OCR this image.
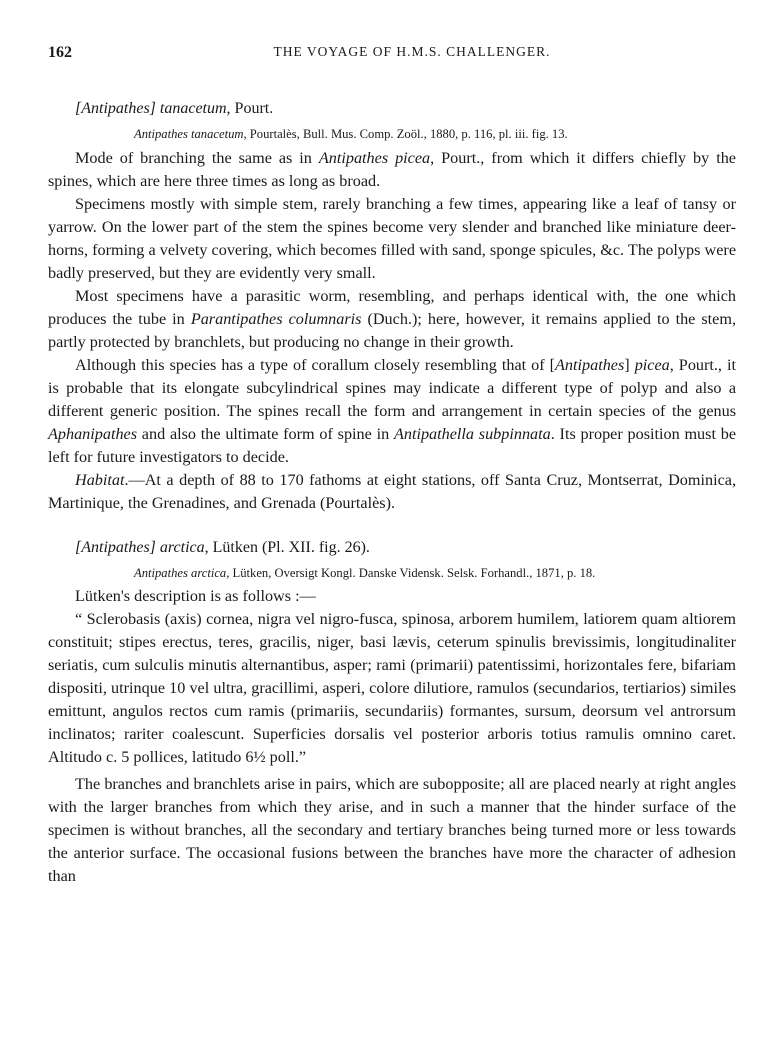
162	THE VOYAGE OF H.M.S. CHALLENGER.
[Antipathes] tanacetum, Pourt.
Antipathes tanacetum, Pourtalès, Bull. Mus. Comp. Zoöl., 1880, p. 116, pl. iii. fig. 13.

Mode of branching the same as in Antipathes picea, Pourt., from which it differs chiefly by the spines, which are here three times as long as broad.

Specimens mostly with simple stem, rarely branching a few times, appearing like a leaf of tansy or yarrow. On the lower part of the stem the spines become very slender and branched like miniature deer-horns, forming a velvety covering, which becomes filled with sand, sponge spicules, &c. The polyps were badly preserved, but they are evidently very small.

Most specimens have a parasitic worm, resembling, and perhaps identical with, the one which produces the tube in Parantipathes columnaris (Duch.); here, however, it remains applied to the stem, partly protected by branchlets, but producing no change in their growth.

Although this species has a type of corallum closely resembling that of [Antipathes] picea, Pourt., it is probable that its elongate subcylindrical spines may indicate a different type of polyp and also a different generic position. The spines recall the form and arrangement in certain species of the genus Aphanipathes and also the ultimate form of spine in Antipathella subpinnata. Its proper position must be left for future investigators to decide.

Habitat.—At a depth of 88 to 170 fathoms at eight stations, off Santa Cruz, Montserrat, Dominica, Martinique, the Grenadines, and Grenada (Pourtalès).

[Antipathes] arctica, Lütken (Pl. XII. fig. 26).
Antipathes arctica, Lütken, Oversigt Kongl. Danske Vidensk. Selsk. Forhandl., 1871, p. 18.
Lütken's description is as follows :—

“ Sclerobasis (axis) cornea, nigra vel nigro-fusca, spinosa, arborem humilem, latiorem quam altiorem constituit; stipes erectus, teres, gracilis, niger, basi lævis, ceterum spinulis brevissimis, longitudinaliter seriatis, cum sulculis minutis alternantibus, asper; rami (primarii) patentissimi, horizontales fere, bifariam dispositi, utrinque 10 vel ultra, gracillimi, asperi, colore dilutiore, ramulos (secundarios, tertiarios) similes emittunt, angulos rectos cum ramis (primariis, secundariis) formantes, sursum, deorsum vel antrorsum inclinatos; rariter coalescunt. Superficies dorsalis vel posterior arboris totius ramulis omnino caret. Altitudo c. 5 pollices, latitudo 6½ poll.”

The branches and branchlets arise in pairs, which are subopposite; all are placed nearly at right angles with the larger branches from which they arise, and in such a manner that the hinder surface of the specimen is without branches, all the secondary and tertiary branches being turned more or less towards the anterior surface. The occasional fusions between the branches have more the character of adhesion than
